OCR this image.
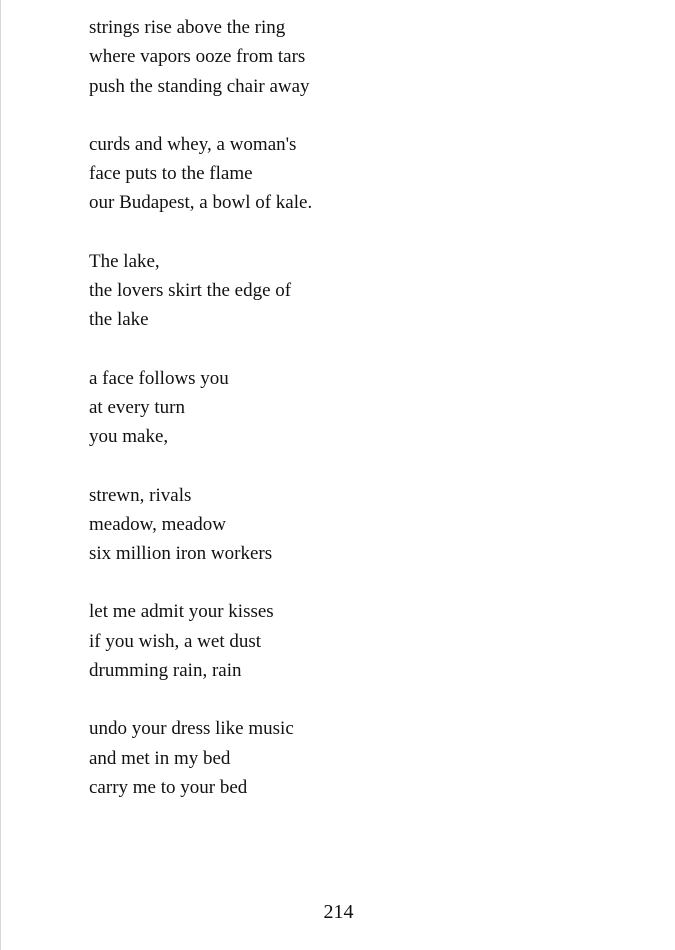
strings rise above the ring
where vapors ooze from tars
push the standing chair away
curds and whey, a woman's
face puts to the flame
our Budapest, a bowl of kale.
The lake,
the lovers skirt the edge of
the lake
a face follows you
at every turn
you make,
strewn, rivals
meadow, meadow
six million iron workers
let me admit your kisses
if you wish, a wet dust
drumming rain, rain
undo your dress like music
and met in my bed
carry me to your bed
214
